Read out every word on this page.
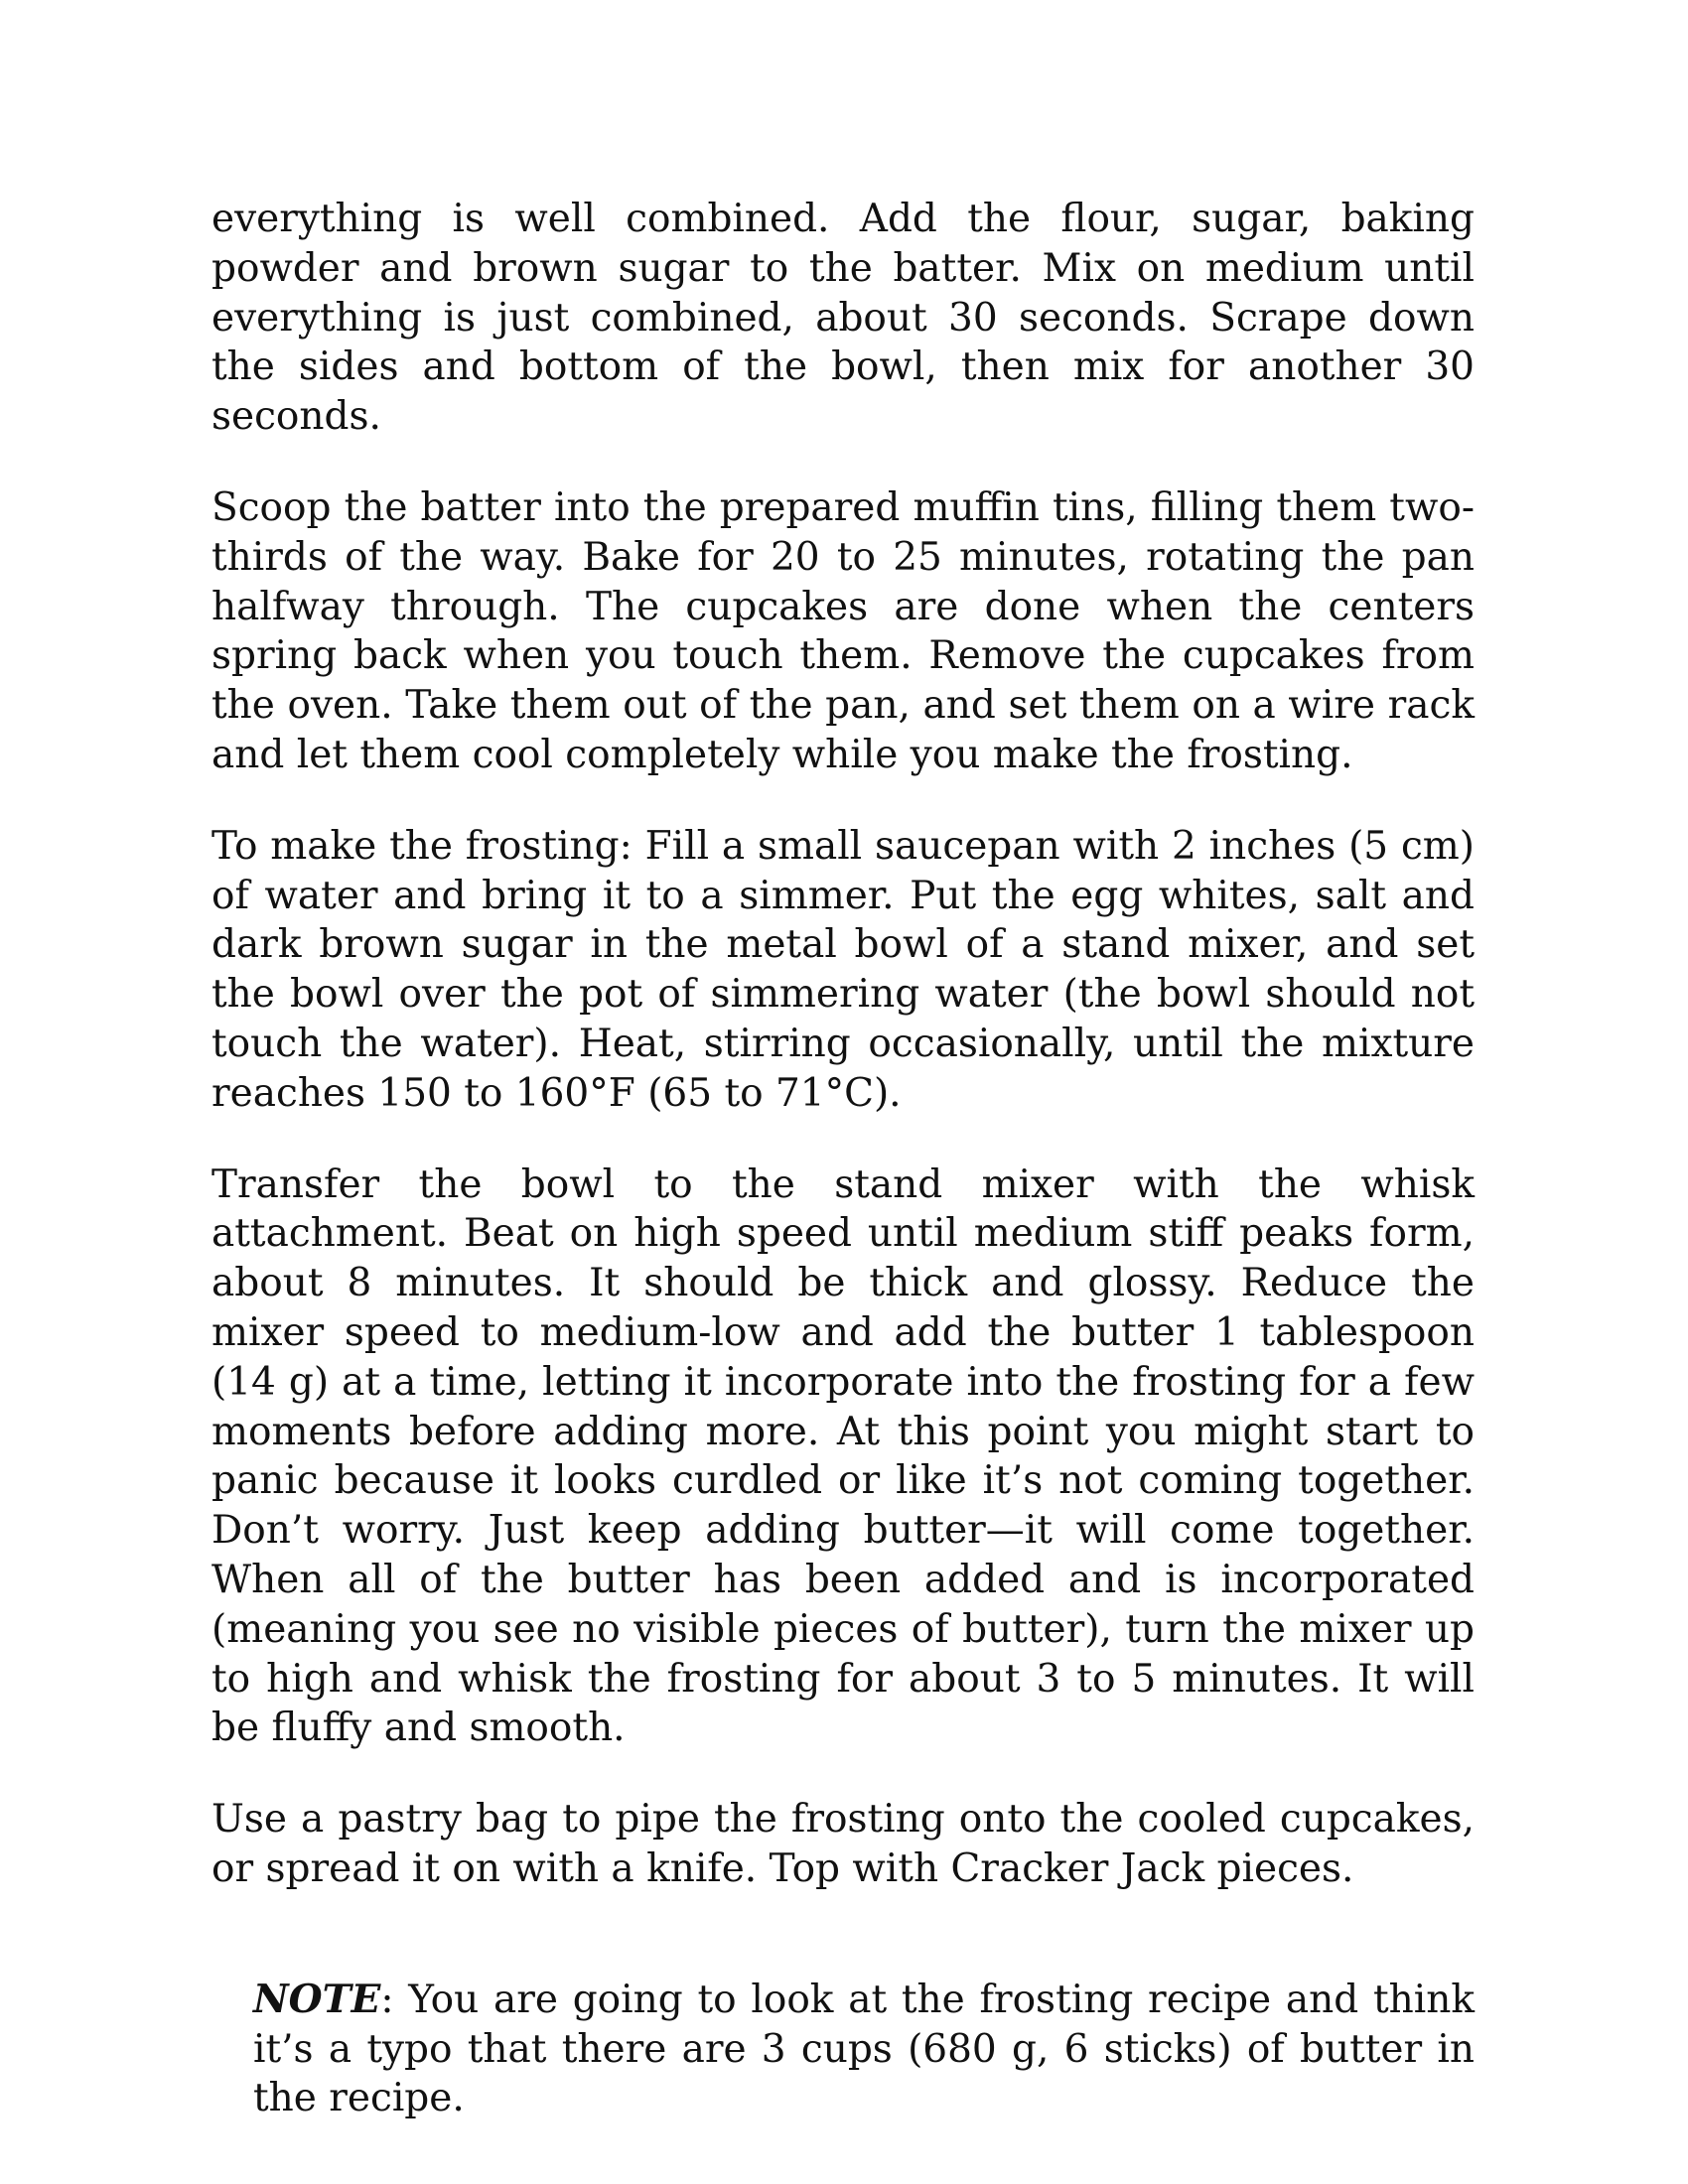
everything is well combined. Add the flour, sugar, baking powder and brown sugar to the batter. Mix on medium until everything is just combined, about 30 seconds. Scrape down the sides and bottom of the bowl, then mix for another 30 seconds.

Scoop the batter into the prepared muffin tins, filling them two-thirds of the way. Bake for 20 to 25 minutes, rotating the pan halfway through. The cupcakes are done when the centers spring back when you touch them. Remove the cupcakes from the oven. Take them out of the pan, and set them on a wire rack and let them cool completely while you make the frosting.

To make the frosting: Fill a small saucepan with 2 inches (5 cm) of water and bring it to a simmer. Put the egg whites, salt and dark brown sugar in the metal bowl of a stand mixer, and set the bowl over the pot of simmering water (the bowl should not touch the water). Heat, stirring occasionally, until the mixture reaches 150 to 160°F (65 to 71°C).

Transfer the bowl to the stand mixer with the whisk attachment. Beat on high speed until medium stiff peaks form, about 8 minutes. It should be thick and glossy. Reduce the mixer speed to medium-low and add the butter 1 tablespoon (14 g) at a time, letting it incorporate into the frosting for a few moments before adding more. At this point you might start to panic because it looks curdled or like it’s not coming together. Don’t worry. Just keep adding butter—it will come together. When all of the butter has been added and is incorporated (meaning you see no visible pieces of butter), turn the mixer up to high and whisk the frosting for about 3 to 5 minutes. It will be fluffy and smooth.

Use a pastry bag to pipe the frosting onto the cooled cupcakes, or spread it on with a knife. Top with Cracker Jack pieces.

NOTE: You are going to look at the frosting recipe and think it’s a typo that there are 3 cups (680 g, 6 sticks) of butter in the recipe.
